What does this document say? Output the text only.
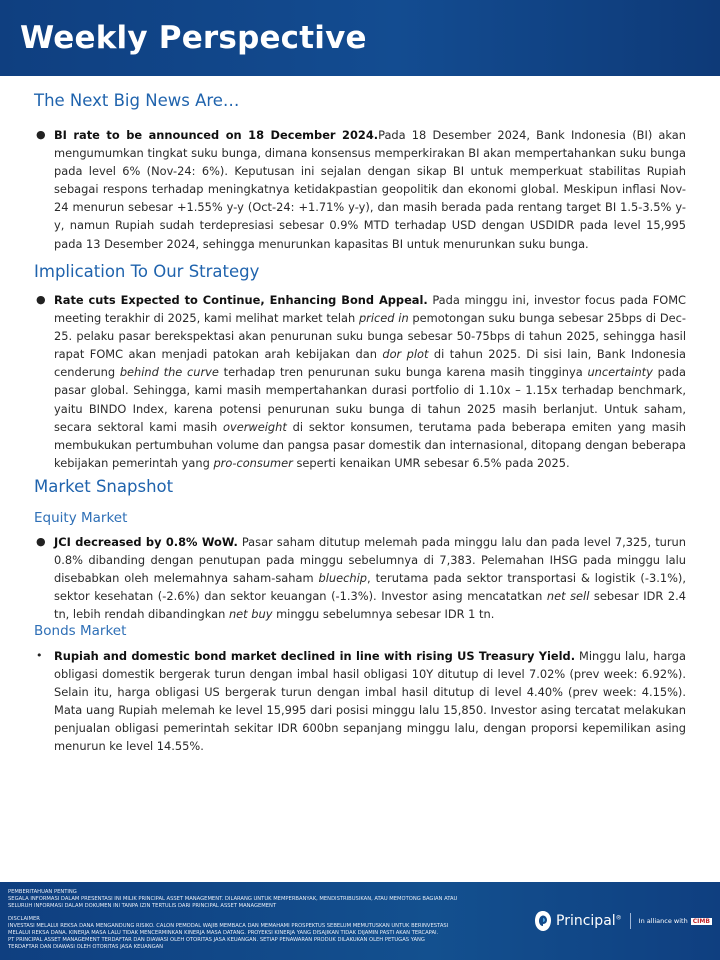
Weekly Perspective
The Next Big News Are…
● BI rate to be announced on 18 December 2024.Pada 18 Desember 2024, Bank Indonesia (BI) akan mengumumkan tingkat suku bunga, dimana konsensus memperkirakan BI akan mempertahankan suku bunga pada level 6% (Nov-24: 6%). Keputusan ini sejalan dengan sikap BI untuk memperkuat stabilitas Rupiah sebagai respons terhadap meningkatnya ketidakpastian geopolitik dan ekonomi global. Meskipun inflasi Nov-24 menurun sebesar +1.55% y-y (Oct-24: +1.71% y-y), dan masih berada pada rentang target BI 1.5-3.5% y-y, namun Rupiah sudah terdepresiasi sebesar 0.9% MTD terhadap USD dengan USDIDR pada level 15,995 pada 13 Desember 2024, sehingga menurunkan kapasitas BI untuk menurunkan suku bunga.
Implication To Our Strategy
● Rate cuts Expected to Continue, Enhancing Bond Appeal. Pada minggu ini, investor focus pada FOMC meeting terakhir di 2025, kami melihat market telah priced in pemotongan suku bunga sebesar 25bps di Dec-25. pelaku pasar berekspektasi akan penurunan suku bunga sebesar 50-75bps di tahun 2025, sehingga hasil rapat FOMC akan menjadi patokan arah kebijakan dan dor plot di tahun 2025. Di sisi lain, Bank Indonesia cenderung behind the curve terhadap tren penurunan suku bunga karena masih tingginya uncertainty pada pasar global. Sehingga, kami masih mempertahankan durasi portfolio di 1.10x – 1.15x terhadap benchmark, yaitu BINDO Index, karena potensi penurunan suku bunga di tahun 2025 masih berlanjut. Untuk saham, secara sektoral kami masih overweight di sektor konsumen, terutama pada beberapa emiten yang masih membukukan pertumbuhan volume dan pangsa pasar domestik dan internasional, ditopang dengan beberapa kebijakan pemerintah yang pro-consumer seperti kenaikan UMR sebesar 6.5% pada 2025.
Market Snapshot
Equity Market
● JCI decreased by 0.8% WoW. Pasar saham ditutup melemah pada minggu lalu dan pada level 7,325, turun 0.8% dibanding dengan penutupan pada minggu sebelumnya di 7,383. Pelemahan IHSG pada minggu lalu disebabkan oleh melemahnya saham-saham bluechip, terutama pada sektor transportasi & logistik (-3.1%), sektor kesehatan (-2.6%) dan sektor keuangan (-1.3%). Investor asing mencatatkan net sell sebesar IDR 2.4 tn, lebih rendah dibandingkan net buy minggu sebelumnya sebesar IDR 1 tn.
Bonds Market
• Rupiah and domestic bond market declined in line with rising US Treasury Yield. Minggu lalu, harga obligasi domestik bergerak turun dengan imbal hasil obligasi 10Y ditutup di level 7.02% (prev week: 6.92%). Selain itu, harga obligasi US bergerak turun dengan imbal hasil ditutup di level 4.40% (prev week: 4.15%). Mata uang Rupiah melemah ke level 15,995 dari posisi minggu lalu 15,850. Investor asing tercatat melakukan penjualan obligasi pemerintah sekitar IDR 600bn sepanjang minggu lalu, dengan proporsi kepemilikan asing menurun ke level 14.55%.
PEMBERITAHUAN PENTING
SEGALA INFORMASI DALAM PRESENTASI INI MILIK PRINCIPAL ASSET MANAGEMENT. DILARANG UNTUK MEMPERBANYAK, MENDISTRIBUSIKAN, ATAU MEMOTONG BAGIAN ATAU
SELURUH INFORMASI DALAM DOKUMEN INI TANPA IZIN TERTULIS DARI PRINCIPAL ASSET MANAGEMENT
DISCLAIMER
INVESTASI MELALUI REKSA DANA MENGANDUNG RISIKO. CALON PEMODAL WAJIB MEMBACA DAN MEMAHAMI PROSPEKTUS SEBELUM MEMUTUSKAN UNTUK BERINVESTASI
MELALUI REKSA DANA. KINERJA MASA LALU TIDAK MENCERMINKAN KINERJA MASA DATANG. PROYEKSI KINERJA YANG DISAJIKAN TIDAK DIJAMIN PASTI AKAN TERCAPAI.
PT PRINCIPAL ASSET MANAGEMENT TERDAFTAR DAN DIAWASI OLEH OTORITAS JASA KEUANGAN. SETIAP PENAWARAN PRODUK DILAKUKAN OLEH PETUGAS YANG
TERDAFTAR DAN DIAWASI OLEH OTORITAS JASA KEUANGAN
Principal®	In alliance with CIMB
